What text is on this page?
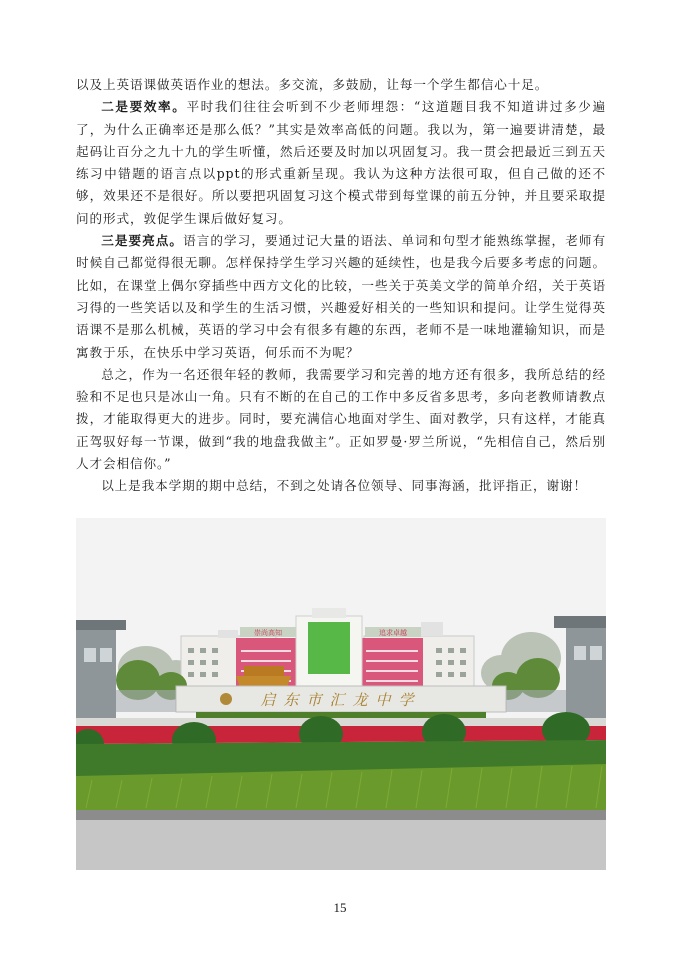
以及上英语课做英语作业的想法。多交流，多鼓励，让每一个学生都信心十足。

二是要效率。平时我们往往会听到不少老师埋怨：“这道题目我不知道讲过多少遍了，为什么正确率还是那么低？”其实是效率高低的问题。我以为，第一遍要讲清楚，最起码让百分之九十九的学生听懂，然后还要及时加以巩固复习。我一贯会把最近三到五天练习中错题的语言点以ppt的形式重新呈现。我认为这种方法很可取，但自己做的还不够，效果还不是很好。所以要把巩固复习这个模式带到每堂课的前五分钟，并且要采取提问的形式，敦促学生课后做好复习。

三是要亮点。语言的学习，要通过记大量的语法、单词和句型才能熟练掌握，老师有时候自己都觉得很无聊。怎样保持学生学习兴趣的延续性，也是我今后要多考虑的问题。比如，在课堂上偶尔穿插些中西方文化的比较，一些关于英美文学的简单介绍，关于英语习得的一些笑话以及和学生的生活习惯，兴趣爱好相关的一些知识和提问。让学生觉得英语课不是那么机械，英语的学习中会有很多有趣的东西，老师不是一味地灌输知识，而是寓教于乐，在快乐中学习英语，何乐而不为呢？

总之，作为一名还很年轻的教师，我需要学习和完善的地方还有很多，我所总结的经验和不足也只是冰山一角。只有不断的在自己的工作中多反省多思考，多向老教师请教点拨，才能取得更大的进步。同时，要充满信心地面对学生、面对教学，只有这样，才能真正驾驭好每一节课，做到“我的地盘我做主”。正如罗曼·罗兰所说，“先相信自己，然后别人才会相信你。”

以上是我本学期的期中总结，不到之处请各位领导、同事海涵，批评指正，谢谢！

崇尚高知	追求卓越
启东市汇龙中学
15
